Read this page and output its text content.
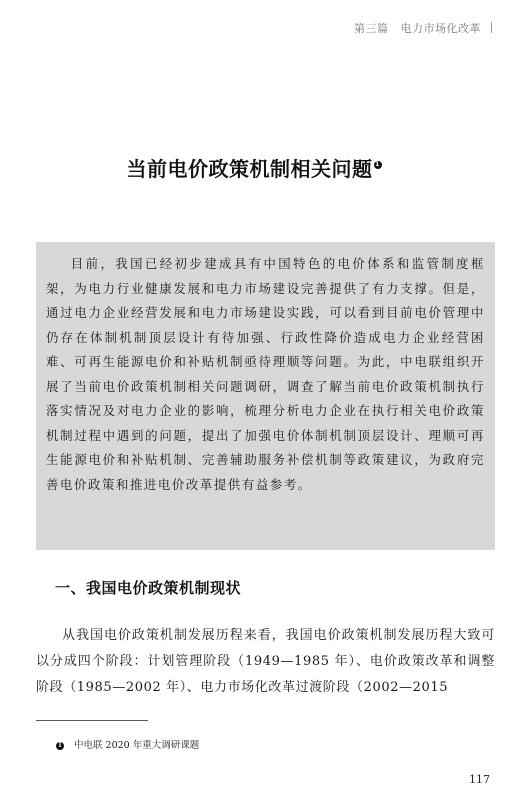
第三篇 电力市场化改革
当前电价政策机制相关问题 1

目前，我国已经初步建成具有中国特色的电价体系和监管制度框架，为电力行业健康发展和电力市场建设完善提供了有力支撑。但是，通过电力企业经营发展和电力市场建设实践，可以看到目前电价管理中仍存在体制机制顶层设计有待加强、行政性降价造成电力企业经营困难、可再生能源电价和补贴机制亟待理顺等问题。为此，中电联组织开展了当前电价政策机制相关问题调研，调查了解当前电价政策机制执行落实情况及对电力企业的影响，梳理分析电力企业在执行相关电价政策机制过程中遇到的问题，提出了加强电价体制机制顶层设计、理顺可再生能源电价和补贴机制、完善辅助服务补偿机制等政策建议，为政府完善电价政策和推进电价改革提供有益参考。

一、我国电价政策机制现状

从我国电价政策机制发展历程来看，我国电价政策机制发展历程大致可以分成四个阶段：计划管理阶段（1949—1985 年）、电价政策改革和调整阶段（1985—2002 年）、电力市场化改革过渡阶段（2002—2015

1 中电联 2020 年重大调研课题
117
